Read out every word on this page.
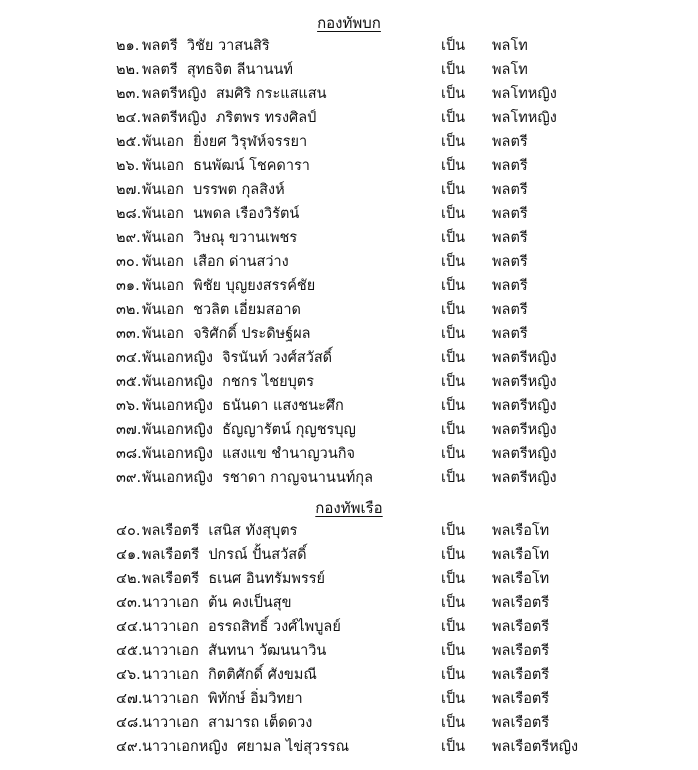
กองทัพบก
๒๑. พลตรี วิชัย วาสนสิริ	เป็น พลโท
๒๒. พลตรี สุทธจิต ลีนานนท์	เป็น พลโท
๒๓. พลตรีหญิง สมศิริ กระแสแสน	เป็น พลโทหญิง
๒๔. พลตรีหญิง ภริตพร ทรงศิลป์	เป็น พลโทหญิง
๒๕. พันเอก ยิ่งยศ วิรุฬห์จรรยา	เป็น พลตรี
๒๖. พันเอก ธนพัฒน์ โชคดารา	เป็น พลตรี
๒๗. พันเอก บรรพต กุลสิงห์	เป็น พลตรี
๒๘. พันเอก นพดล เรืองวิรัตน์	เป็น พลตรี
๒๙. พันเอก วิษณุ ขวานเพชร	เป็น พลตรี
๓๐. พันเอก เสือก ด่านสว่าง	เป็น พลตรี
๓๑. พันเอก พิชัย บุญยงสรรค์ชัย	เป็น พลตรี
๓๒. พันเอก ชวลิต เอี่ยมสอาด	เป็น พลตรี
๓๓. พันเอก จริศักดิ์ ประดิษฐ์ผล	เป็น พลตรี
๓๔. พันเอกหญิง จิรนันท์ วงศ์สวัสดิ์	เป็น พลตรีหญิง
๓๕. พันเอกหญิง กชกร ไชยบุตร	เป็น พลตรีหญิง
๓๖. พันเอกหญิง ธนันดา แสงชนะศึก	เป็น พลตรีหญิง
๓๗. พันเอกหญิง ธัญญารัตน์ กุญชรบุญ	เป็น พลตรีหญิง
๓๘. พันเอกหญิง แสงแข ชำนาญวนกิจ	เป็น พลตรีหญิง
๓๙. พันเอกหญิง รชาดา กาญจนานนท์กุล	เป็น พลตรีหญิง
กองทัพเรือ
๔๐. พลเรือตรี เสนิส ทังสุบุตร	เป็น พลเรือโท
๔๑. พลเรือตรี ปกรณ์ ปั้นสวัสดิ์	เป็น พลเรือโท
๔๒. พลเรือตรี ธเนศ อินทรัมพรรย์	เป็น พลเรือโท
๔๓. นาวาเอก ต้น คงเป็นสุข	เป็น พลเรือตรี
๔๔. นาวาเอก อรรถสิทธิ์ วงศ์ไพบูลย์	เป็น พลเรือตรี
๔๕. นาวาเอก สันทนา วัฒนนาวิน	เป็น พลเรือตรี
๔๖. นาวาเอก กิตติศักดิ์ ศังขมณี	เป็น พลเรือตรี
๔๗. นาวาเอก พิทักษ์ อิ่มวิทยา	เป็น พลเรือตรี
๔๘. นาวาเอก สามารถ เต็ดดวง	เป็น พลเรือตรี
๔๙. นาวาเอกหญิง ศยามล ไข่สุวรรณ	เป็น พลเรือตรีหญิง
